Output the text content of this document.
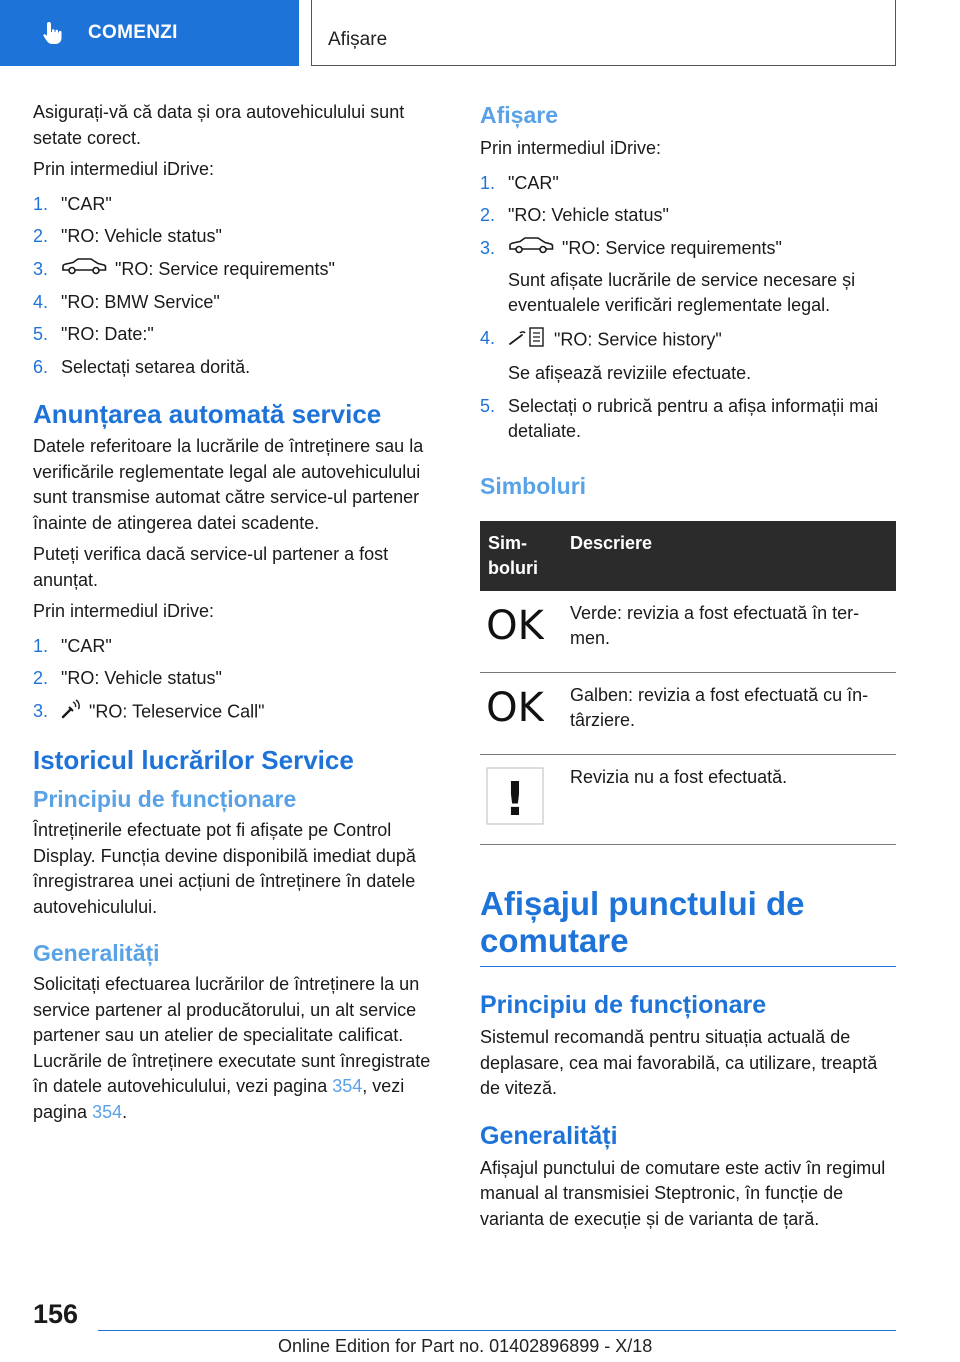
COMENZI	Afișare

Asigurați-vă că data și ora autovehiculului sunt setate corect.

Prin intermediul iDrive:

1. "CAR"
2. "RO: Vehicle status"
3.	"RO: Service requirements"
4. "RO: BMW Service"
5. "RO: Date:"
6. Selectați setarea dorită.
Anunțarea automată service

Datele referitoare la lucrările de întreținere sau la verificările reglementate legal ale autovehiculului sunt transmise automat către service-ul partener înainte de atingerea datei scadente.

Puteți verifica dacă service-ul partener a fost anunțat.

Prin intermediul iDrive:

1. "CAR"
2. "RO: Vehicle status"
3.	"RO: Teleservice Call"
Istoricul lucrărilor Service
Principiu de funcționare

Întreținerile efectuate pot fi afișate pe Control Display. Funcția devine disponibilă imediat după înregistrarea unei acțiuni de întreținere în datele autovehiculului.

Generalități

Solicitați efectuarea lucrărilor de întreținere la un service partener al producătorului, un alt service partener sau un atelier de specialitate calificat. Lucrările de întreținere executate sunt înregistrate în datele autovehiculului, vezi pagina 354, vezi pagina 354.

Afișare

Prin intermediul iDrive:

1. "CAR"
2. "RO: Vehicle status"
3.	"RO: Service requirements"
Sunt afișate lucrările de service necesare și eventualele verificări reglementate legal.
4.	"RO: Service history"
Se afișează reviziile efectuate.
5. Selectați o rubrică pentru a afișa informații mai detaliate.
Simboluri
Simboluri	Descriere

OK	Verde: revizia a fost efectuată în termen.

OK	Galben: revizia a fost efectuată cu întârziere.

!	Revizia nu a fost efectuată.
Afișajul punctului de comutare
Principiu de funcționare

Sistemul recomandă pentru situația actuală de deplasare, cea mai favorabilă, ca utilizare, treaptă de viteză.

Generalități

Afișajul punctului de comutare este activ în regimul manual al transmisiei Steptronic, în funcție de varianta de execuție și de varianta de țară.

156
Online Edition for Part no. 01402896899 - X/18
